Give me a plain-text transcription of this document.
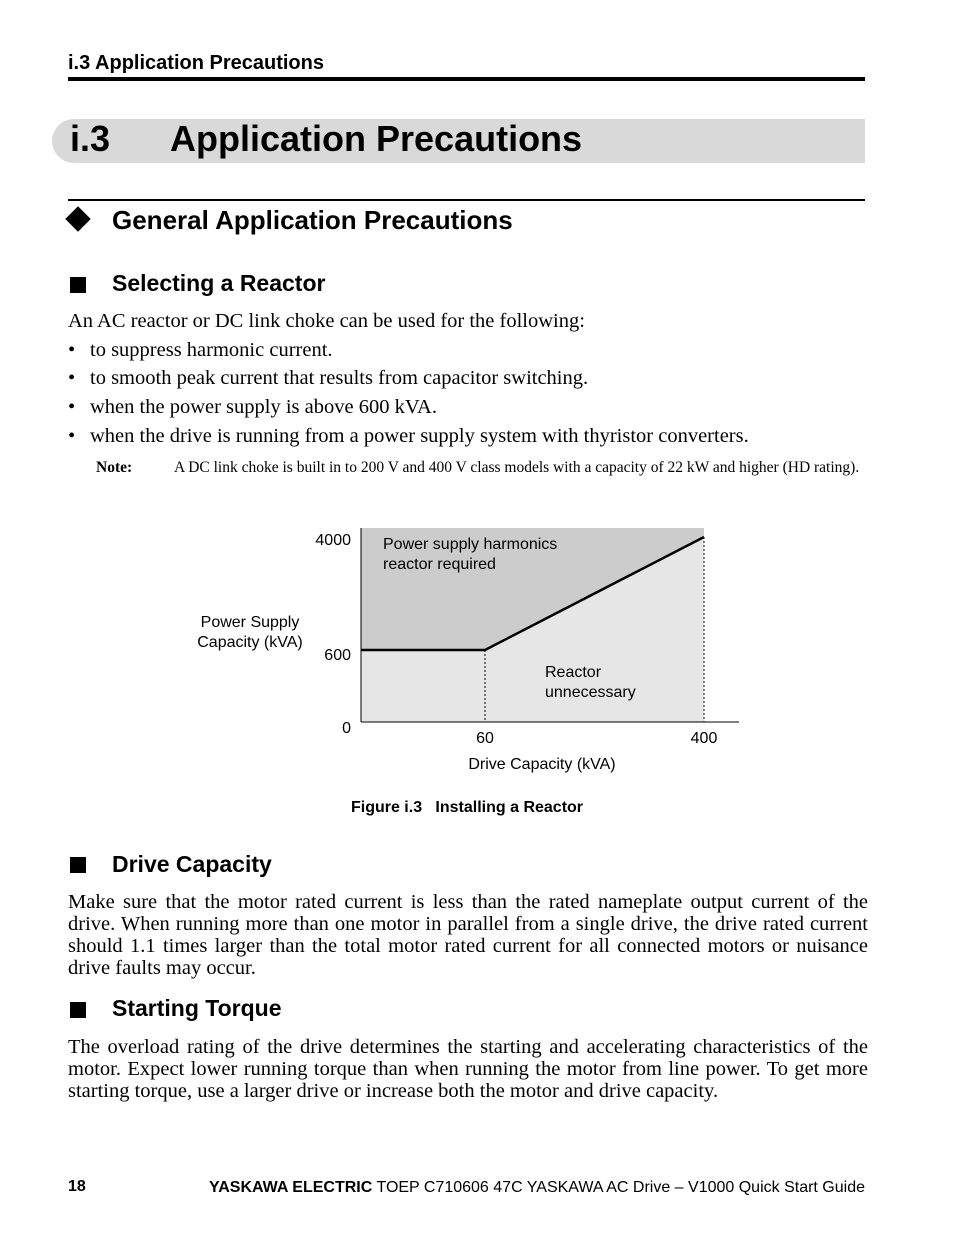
i.3 Application Precautions
i.3 Application Precautions
General Application Precautions
Selecting a Reactor
An AC reactor or DC link choke can be used for the following:
• to suppress harmonic current.
• to smooth peak current that results from capacitor switching.
• when the power supply is above 600 kVA.
• when the drive is running from a power supply system with thyristor converters.
Note:	A DC link choke is built in to 200 V and 400 V class models with a capacity of 22 kW and higher (HD rating).
4000
600
0
60	400
Power Supply
Capacity (kVA)
Drive Capacity (kVA)
Power supply harmonics
reactor required
Reactor
unnecessary
Figure i.3   Installing a Reactor
Drive Capacity
Make sure that the motor rated current is less than the rated nameplate output current of the drive. When running more than one motor in parallel from a single drive, the drive rated current should 1.1 times larger than the total motor rated current for all connected motors or nuisance drive faults may occur.
Starting Torque
The overload rating of the drive determines the starting and accelerating characteristics of the motor. Expect lower running torque than when running the motor from line power. To get more starting torque, use a larger drive or increase both the motor and drive capacity.
18	YASKAWA ELECTRIC TOEP C710606 47C YASKAWA AC Drive – V1000 Quick Start Guide
